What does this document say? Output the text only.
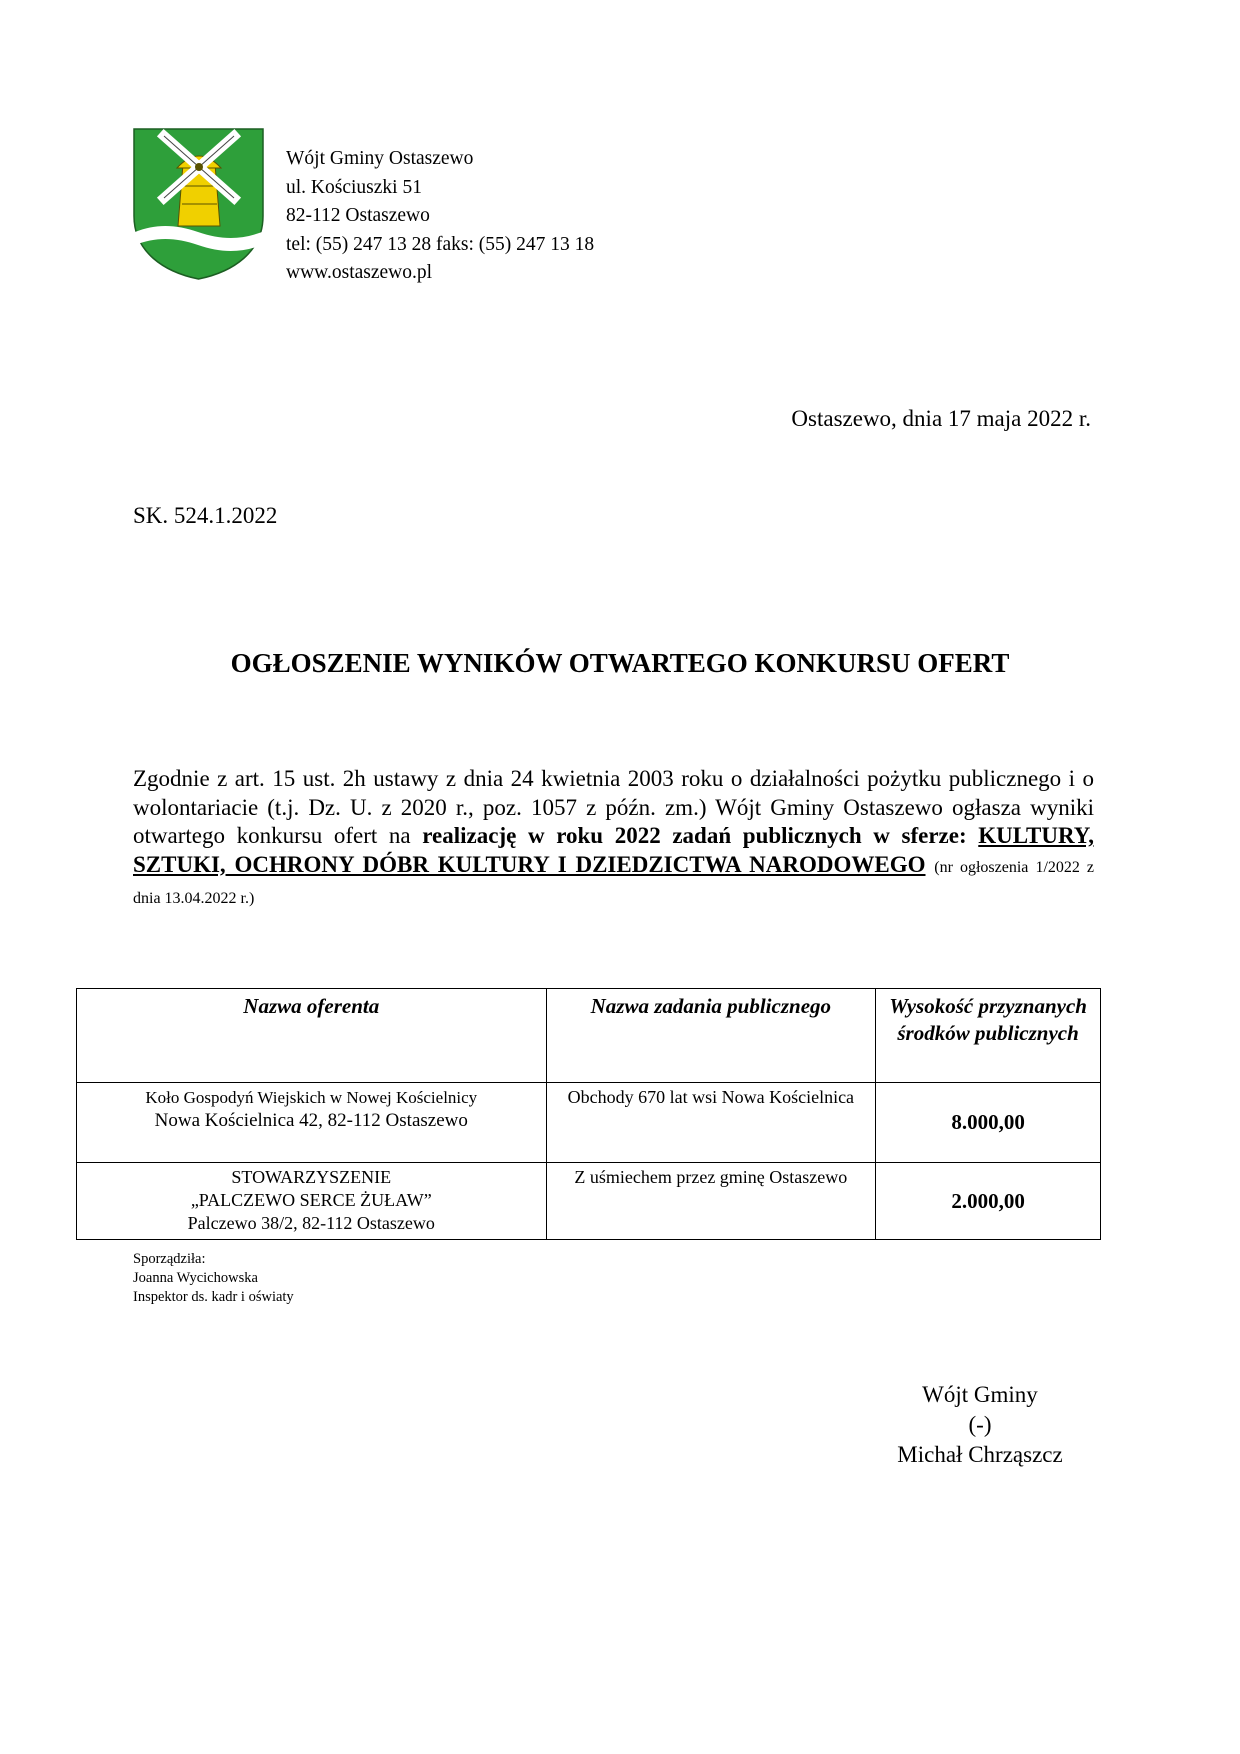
Wójt Gminy Ostaszewo
ul. Kościuszki 51
82-112 Ostaszewo
tel: (55) 247 13 28 faks: (55) 247 13 18
www.ostaszewo.pl
Ostaszewo, dnia 17 maja 2022 r.
SK. 524.1.2022
OGŁOSZENIE WYNIKÓW OTWARTEGO KONKURSU OFERT
Zgodnie z art. 15 ust. 2h ustawy z dnia 24 kwietnia 2003 roku o działalności pożytku publicznego i o wolontariacie (t.j. Dz. U. z 2020 r., poz. 1057 z późn. zm.) Wójt Gminy Ostaszewo ogłasza wyniki otwartego konkursu ofert na realizację w roku 2022 zadań publicznych w sferze: KULTURY, SZTUKI, OCHRONY DÓBR KULTURY I DZIEDZICTWA NARODOWEGO (nr ogłoszenia 1/2022 z dnia 13.04.2022 r.)
Nazwa oferenta	Nazwa zadania publicznego	Wysokość przyznanych środków publicznych

Koło Gospodyń Wiejskich w Nowej Kościelnicy
Nowa Kościelnica 42, 82-112 Ostaszewo	Obchody 670 lat wsi Nowa Kościelnica	8.000,00

STOWARZYSZENIE
„PALCZEWO SERCE ŻUŁAW”
Palczewo 38/2, 82-112 Ostaszewo	Z uśmiechem przez gminę Ostaszewo	2.000,00
Sporządziła:
Joanna Wycichowska
Inspektor ds. kadr i oświaty
Wójt Gminy
(-)
Michał Chrząszcz
